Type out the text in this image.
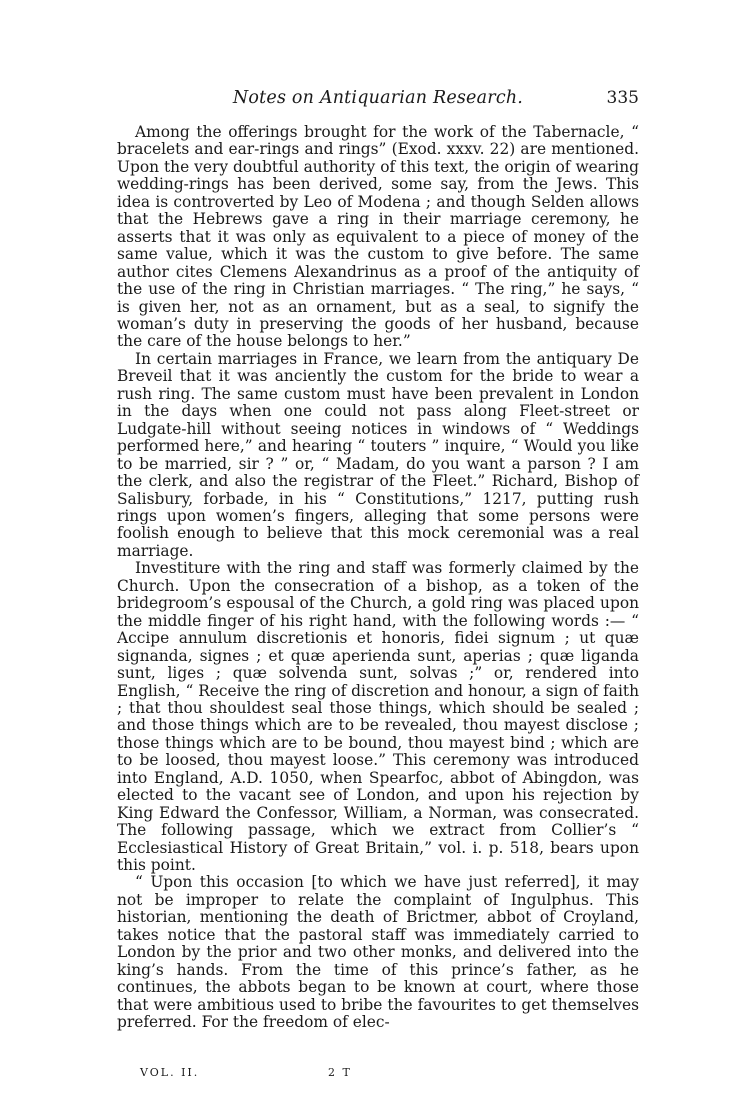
Notes on Antiquarian Research.	335

Among the offerings brought for the work of the Tabernacle, “ bracelets and ear-rings and rings” (Exod. xxxv. 22) are mentioned. Upon the very doubtful authority of this text, the origin of wearing wedding-rings has been derived, some say, from the Jews. This idea is controverted by Leo of Modena ; and though Selden allows that the Hebrews gave a ring in their marriage ceremony, he asserts that it was only as equivalent to a piece of money of the same value, which it was the custom to give before. The same author cites Clemens Alexandrinus as a proof of the antiquity of the use of the ring in Christian marriages. “ The ring,” he says, “ is given her, not as an ornament, but as a seal, to signify the woman’s duty in preserving the goods of her husband, because the care of the house belongs to her.”

In certain marriages in France, we learn from the antiquary De Breveil that it was anciently the custom for the bride to wear a rush ring. The same custom must have been prevalent in London in the days when one could not pass along Fleet-street or Ludgate-hill without seeing notices in windows of “ Weddings performed here,” and hearing “ touters ” inquire, “ Would you like to be married, sir ? ” or, “ Madam, do you want a parson ? I am the clerk, and also the registrar of the Fleet.” Richard, Bishop of Salisbury, forbade, in his “ Constitutions,” 1217, putting rush rings upon women’s fingers, alleging that some persons were foolish enough to believe that this mock ceremonial was a real marriage.

Investiture with the ring and staff was formerly claimed by the Church. Upon the consecration of a bishop, as a token of the bridegroom’s espousal of the Church, a gold ring was placed upon the middle finger of his right hand, with the following words :— “ Accipe annulum discretionis et honoris, fidei signum ; ut quæ signanda, signes ; et quæ aperienda sunt, aperias ; quæ liganda sunt, liges ; quæ solvenda sunt, solvas ;” or, rendered into English, “ Receive the ring of discretion and honour, a sign of faith ; that thou shouldest seal those things, which should be sealed ; and those things which are to be revealed, thou mayest disclose ; those things which are to be bound, thou mayest bind ; which are to be loosed, thou mayest loose.” This ceremony was introduced into England, A.D. 1050, when Spearfoc, abbot of Abingdon, was elected to the vacant see of London, and upon his rejection by King Edward the Confessor, William, a Norman, was consecrated. The following passage, which we extract from Collier’s “ Ecclesiastical History of Great Britain,” vol. i. p. 518, bears upon this point.

“ Upon this occasion [to which we have just referred], it may not be improper to relate the complaint of Ingulphus. This historian, mentioning the death of Brictmer, abbot of Croyland, takes notice that the pastoral staff was immediately carried to London by the prior and two other monks, and delivered into the king’s hands. From the time of this prince’s father, as he continues, the abbots began to be known at court, where those that were ambitious used to bribe the favourites to get themselves preferred. For the freedom of elec-

VOL. II.	2 T
